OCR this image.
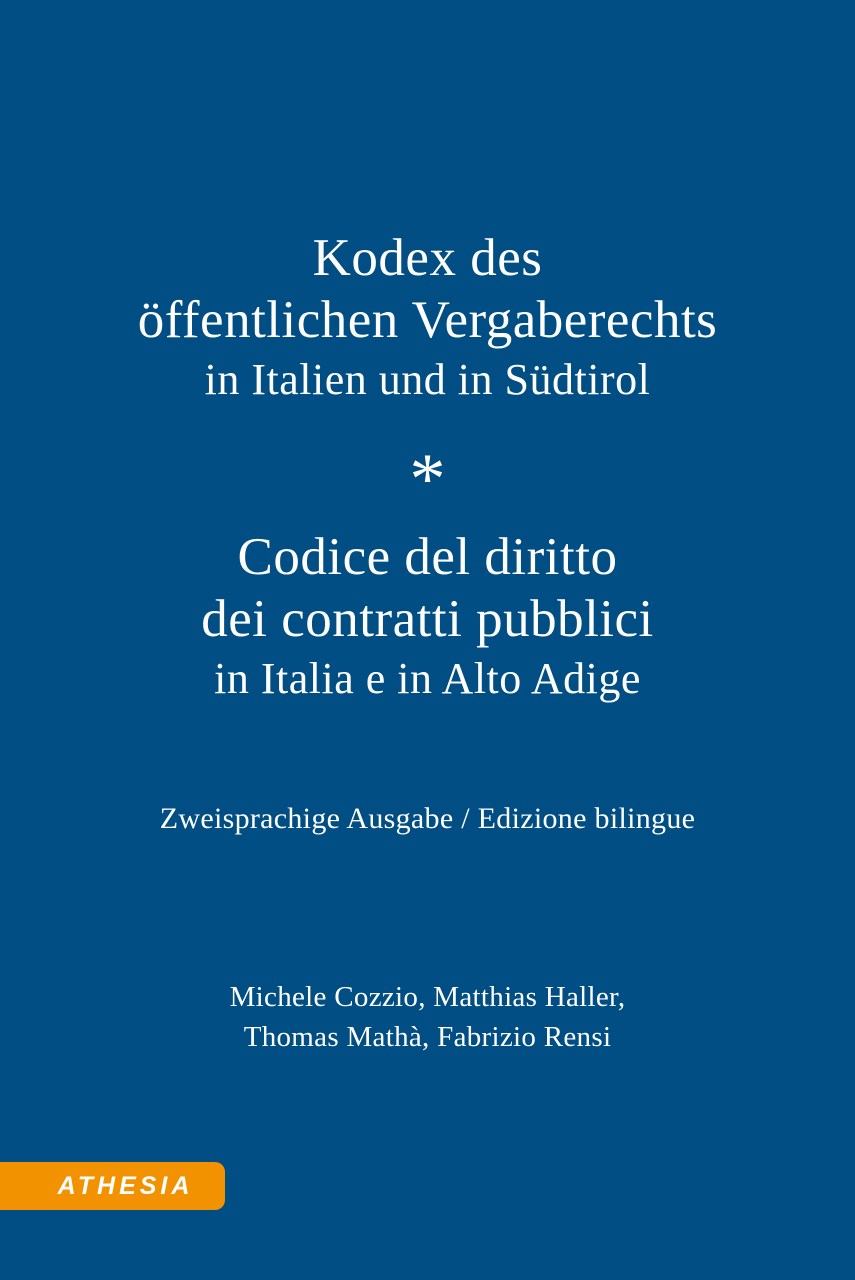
Kodex des
öffentlichen Vergaberechts
in Italien und in Südtirol
*
Codice del diritto
dei contratti pubblici
in Italia e in Alto Adige
Zweisprachige Ausgabe / Edizione bilingue
Michele Cozzio, Matthias Haller,
Thomas Mathà, Fabrizio Rensi
ATHESIA
